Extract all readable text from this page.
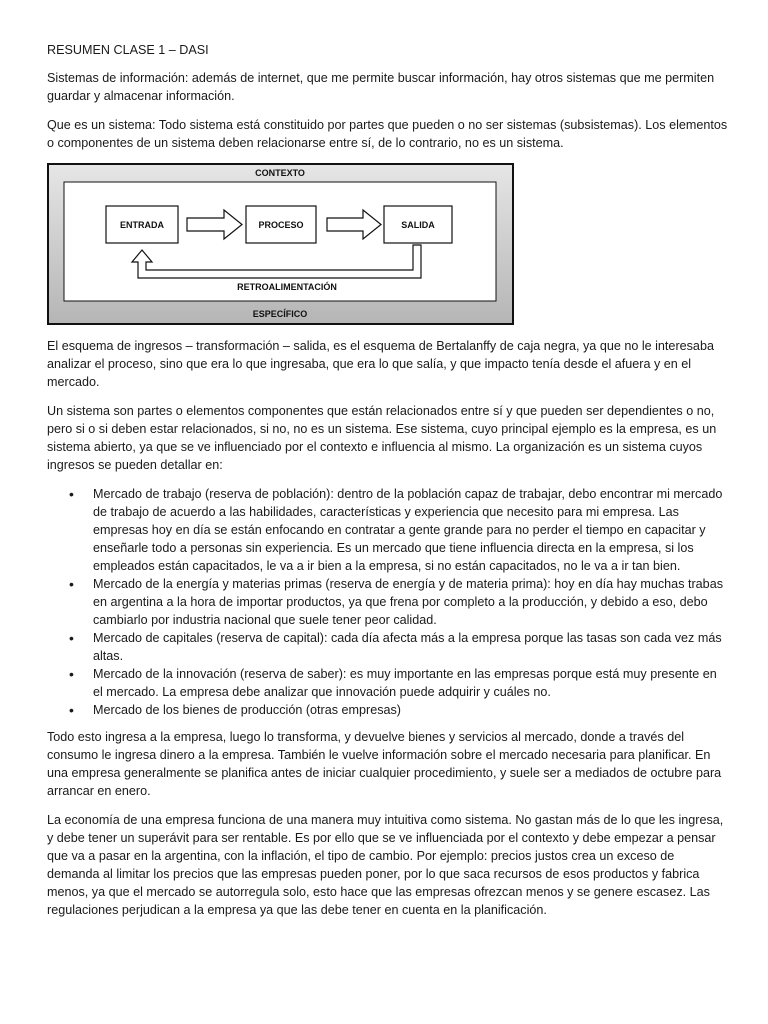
RESUMEN CLASE 1 – DASI

Sistemas de información: además de internet, que me permite buscar información, hay otros sistemas que me permiten guardar y almacenar información.

Que es un sistema: Todo sistema está constituido por partes que pueden o no ser sistemas (subsistemas). Los elementos o componentes de un sistema deben relacionarse entre sí, de lo contrario, no es un sistema.

CONTEXTO
ENTRADA	PROCESO	SALIDA
RETROALIMENTACIÓN
ESPECÍFICO

El esquema de ingresos – transformación – salida, es el esquema de Bertalanffy de caja negra, ya que no le interesaba analizar el proceso, sino que era lo que ingresaba, que era lo que salía, y que impacto tenía desde el afuera y en el mercado.

Un sistema son partes o elementos componentes que están relacionados entre sí y que pueden ser dependientes o no, pero si o si deben estar relacionados, si no, no es un sistema. Ese sistema, cuyo principal ejemplo es la empresa, es un sistema abierto, ya que se ve influenciado por el contexto e influencia al mismo. La organización es un sistema cuyos ingresos se pueden detallar en:

• Mercado de trabajo (reserva de población): dentro de la población capaz de trabajar, debo encontrar mi mercado de trabajo de acuerdo a las habilidades, características y experiencia que necesito para mi empresa. Las empresas hoy en día se están enfocando en contratar a gente grande para no perder el tiempo en capacitar y enseñarle todo a personas sin experiencia. Es un mercado que tiene influencia directa en la empresa, si los empleados están capacitados, le va a ir bien a la empresa, si no están capacitados, no le va a ir tan bien.
• Mercado de la energía y materias primas (reserva de energía y de materia prima): hoy en día hay muchas trabas en argentina a la hora de importar productos, ya que frena por completo a la producción, y debido a eso, debo cambiarlo por industria nacional que suele tener peor calidad.
• Mercado de capitales (reserva de capital): cada día afecta más a la empresa porque las tasas son cada vez más altas.
• Mercado de la innovación (reserva de saber): es muy importante en las empresas porque está muy presente en el mercado. La empresa debe analizar que innovación puede adquirir y cuáles no.
• Mercado de los bienes de producción (otras empresas)

Todo esto ingresa a la empresa, luego lo transforma, y devuelve bienes y servicios al mercado, donde a través del consumo le ingresa dinero a la empresa. También le vuelve información sobre el mercado necesaria para planificar. En una empresa generalmente se planifica antes de iniciar cualquier procedimiento, y suele ser a mediados de octubre para arrancar en enero.

La economía de una empresa funciona de una manera muy intuitiva como sistema. No gastan más de lo que les ingresa, y debe tener un superávit para ser rentable. Es por ello que se ve influenciada por el contexto y debe empezar a pensar que va a pasar en la argentina, con la inflación, el tipo de cambio. Por ejemplo: precios justos crea un exceso de demanda al limitar los precios que las empresas pueden poner, por lo que saca recursos de esos productos y fabrica menos, ya que el mercado se autorregula solo, esto hace que las empresas ofrezcan menos y se genere escasez. Las regulaciones perjudican a la empresa ya que las debe tener en cuenta en la planificación.
